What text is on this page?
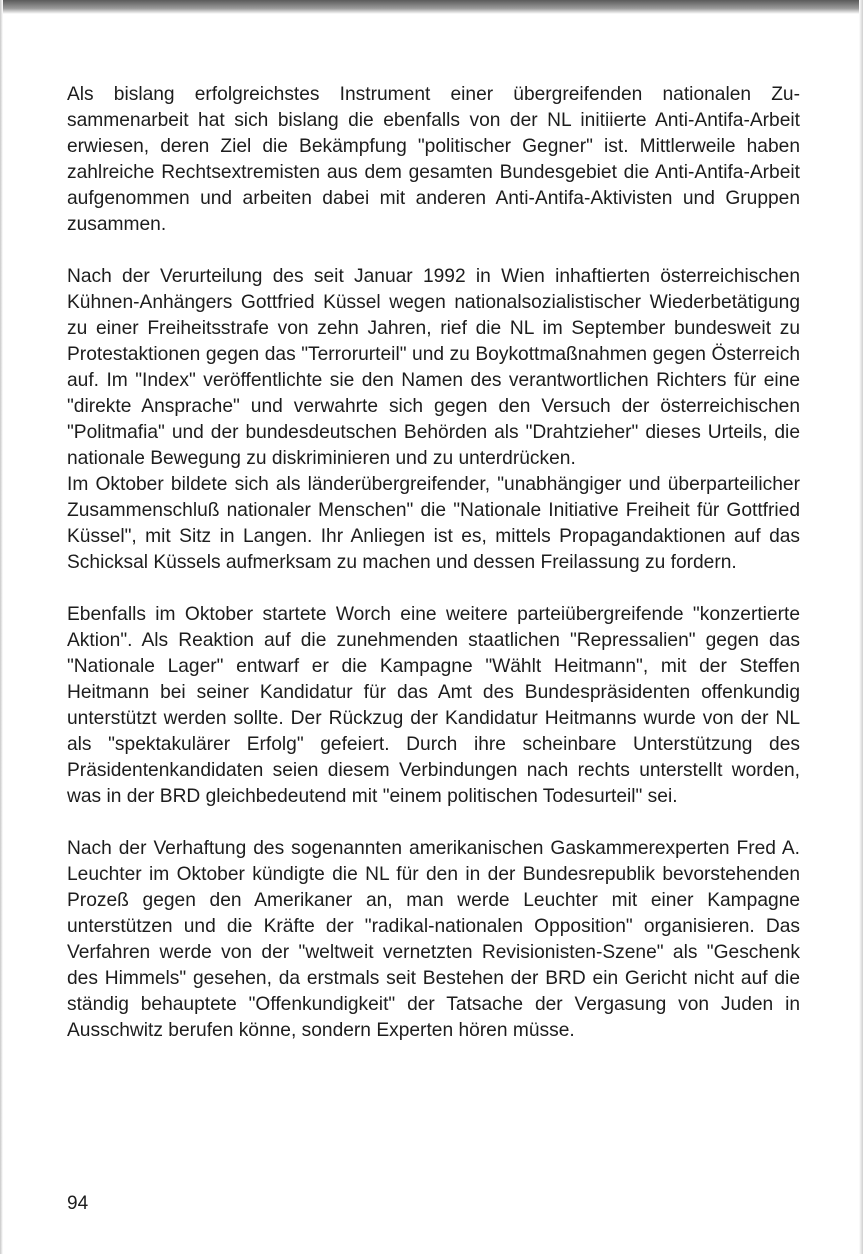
Als bislang erfolgreichstes Instrument einer übergreifenden nationalen Zusammenarbeit hat sich bislang die ebenfalls von der NL initiierte Anti-Antifa-Arbeit erwiesen, deren Ziel die Bekämpfung "politischer Gegner" ist. Mittlerweile haben zahlreiche Rechtsextremisten aus dem gesamten Bundesgebiet die Anti-Antifa-Arbeit aufgenommen und arbeiten dabei mit anderen Anti-Antifa-Aktivisten und Gruppen zusammen.

Nach der Verurteilung des seit Januar 1992 in Wien inhaftierten österreichischen Kühnen-Anhängers Gottfried Küssel wegen nationalsozialistischer Wiederbetätigung zu einer Freiheitsstrafe von zehn Jahren, rief die NL im September bundesweit zu Protestaktionen gegen das "Terrorurteil" und zu Boykottmaßnahmen gegen Österreich auf. Im "Index" veröffentlichte sie den Namen des verantwortlichen Richters für eine "direkte Ansprache" und verwahrte sich gegen den Versuch der österreichischen "Politmafia" und der bundesdeutschen Behörden als "Drahtzieher" dieses Urteils, die nationale Bewegung zu diskriminieren und zu unterdrücken.

Im Oktober bildete sich als länderübergreifender, "unabhängiger und überparteilicher Zusammenschluß nationaler Menschen" die "Nationale Initiative Freiheit für Gottfried Küssel", mit Sitz in Langen. Ihr Anliegen ist es, mittels Propagandaktionen auf das Schicksal Küssels aufmerksam zu machen und dessen Freilassung zu fordern.

Ebenfalls im Oktober startete Worch eine weitere parteiübergreifende "konzertierte Aktion". Als Reaktion auf die zunehmenden staatlichen "Repressalien" gegen das "Nationale Lager" entwarf er die Kampagne "Wählt Heitmann", mit der Steffen Heitmann bei seiner Kandidatur für das Amt des Bundespräsidenten offenkundig unterstützt werden sollte. Der Rückzug der Kandidatur Heitmanns wurde von der NL als "spektakulärer Erfolg" gefeiert. Durch ihre scheinbare Unterstützung des Präsidentenkandidaten seien diesem Verbindungen nach rechts unterstellt worden, was in der BRD gleichbedeutend mit "einem politischen Todesurteil" sei.

Nach der Verhaftung des sogenannten amerikanischen Gaskammerexperten Fred A. Leuchter im Oktober kündigte die NL für den in der Bundesrepublik bevorstehenden Prozeß gegen den Amerikaner an, man werde Leuchter mit einer Kampagne unterstützen und die Kräfte der "radikal-nationalen Opposition" organisieren. Das Verfahren werde von der "weltweit vernetzten Revisionisten-Szene" als "Geschenk des Himmels" gesehen, da erstmals seit Bestehen der BRD ein Gericht nicht auf die ständig behauptete "Offenkundigkeit" der Tatsache der Vergasung von Juden in Ausschwitz berufen könne, sondern Experten hören müsse.

94
